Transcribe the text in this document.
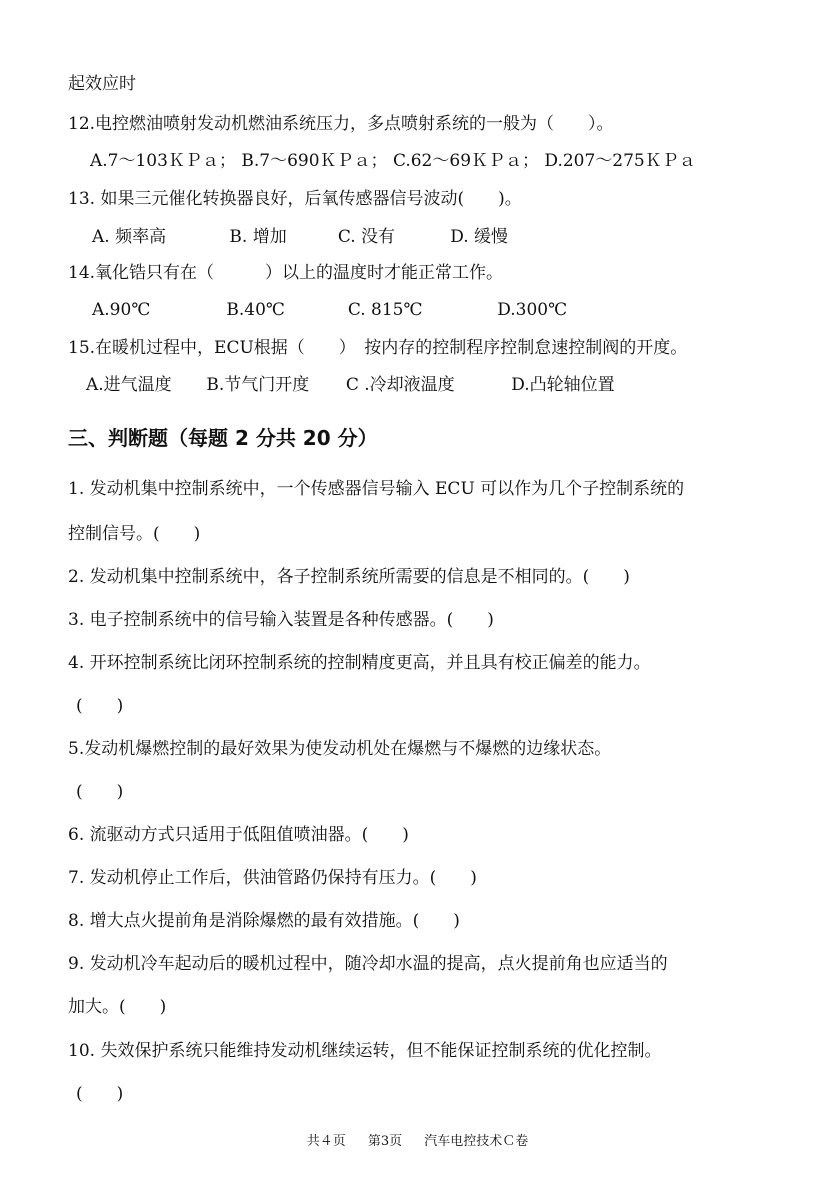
起效应时
12.电控燃油喷射发动机燃油系统压力，多点喷射系统的一般为（　　）。
A.7～103ＫＰａ； B.7～690ＫＰａ； C.62～69ＫＰａ； D.207～275ＫＰａ
13. 如果三元催化转换器良好，后氧传感器信号波动(　　)。
A. 频率高	B. 增加	C. 没有	D. 缓慢
14.氧化锆只有在（　　　）以上的温度时才能正常工作。
A.90℃	B.40℃	C. 815℃	D.300℃
15.在暖机过程中，ECU根据（　　）　按内存的控制程序控制怠速控制阀的开度。
A.进气温度 B.节气门开度 C .冷却液温度	D.凸轮轴位置
三、判断题（每题 2 分共 20 分）
1. 发动机集中控制系统中，一个传感器信号输入 ECU 可以作为几个子控制系统的
控制信号。(　　)
2. 发动机集中控制系统中，各子控制系统所需要的信息是不相同的。(　　)
3. 电子控制系统中的信号输入装置是各种传感器。(　　)
4. 开环控制系统比闭环控制系统的控制精度更高，并且具有校正偏差的能力。
(　　)
5.发动机爆燃控制的最好效果为使发动机处在爆燃与不爆燃的边缘状态。
(　　)
6. 流驱动方式只适用于低阻值喷油器。(　　)
7. 发动机停止工作后，供油管路仍保持有压力。(　　)
8. 增大点火提前角是消除爆燃的最有效措施。(　　)
9. 发动机冷车起动后的暖机过程中，随冷却水温的提高，点火提前角也应适当的
加大。(　　)
10. 失效保护系统只能维持发动机继续运转，但不能保证控制系统的优化控制。
(　　)
共４页 第3页 汽车电控技术Ｃ卷
